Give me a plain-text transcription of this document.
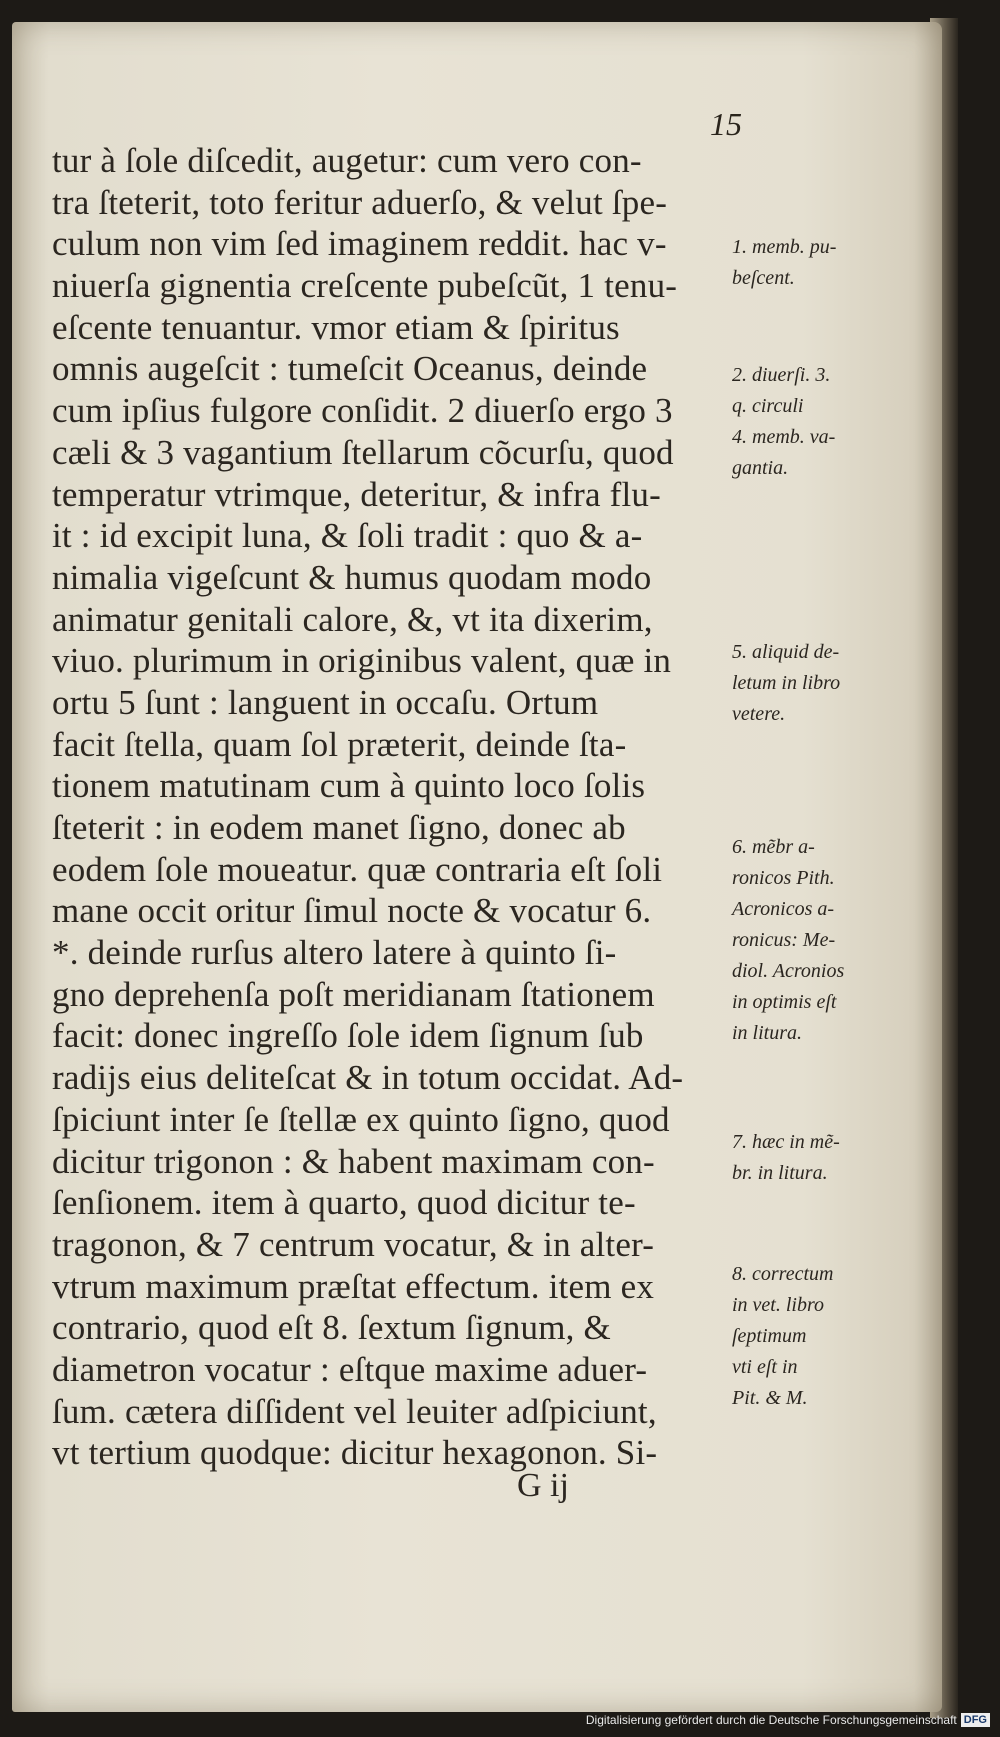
15
tur à ſole diſcedit, augetur: cum vero con-
tra ſteterit, toto feritur aduerſo, & velut ſpe-
culum non vim ſed imaginem reddit. hac v-
niuerſa gignentia creſcente pubeſcũt, 1 tenu-
eſcente tenuantur. vmor etiam & ſpiritus
omnis augeſcit : tumeſcit Oceanus, deinde
cum ipſius fulgore conſidit. 2 diuerſo ergo 3
cæli & 3 vagantium ſtellarum cõcurſu, quod
temperatur vtrimque, deteritur, & infra flu-
it : id excipit luna, & ſoli tradit : quo & a-
nimalia vigeſcunt & humus quodam modo
animatur genitali calore, &, vt ita dixerim,
viuo. plurimum in originibus valent, quæ in
ortu 5 ſunt : languent in occaſu. Ortum
facit ſtella, quam ſol præterit, deinde ſta-
tionem matutinam cum à quinto loco ſolis
ſteterit : in eodem manet ſigno, donec ab
eodem ſole moueatur. quæ contraria eſt ſoli
mane occit oritur ſimul nocte & vocatur 6.
*. deinde rurſus altero latere à quinto ſi-
gno deprehenſa poſt meridianam ſtationem
facit: donec ingreſſo ſole idem ſignum ſub
radijs eius deliteſcat & in totum occidat. Ad-
ſpiciunt inter ſe ſtellæ ex quinto ſigno, quod
dicitur trigonon : & habent maximam con-
ſenſionem. item à quarto, quod dicitur te-
tragonon, & 7 centrum vocatur, & in alter-
vtrum maximum præſtat effectum. item ex
contrario, quod eſt 8. ſextum ſignum, &
diametron vocatur : eſtque maxime aduer-
ſum. cætera diſſident vel leuiter adſpiciunt,
vt tertium quodque: dicitur hexagonon. Si-
1. memb. pu-
beſcent.
2. diuerſi. 3.
q. circuli
4. memb. va-
gantia.
5. aliquid de-
letum in libro
vetere.
6. mẽbr a-
ronicos Pith.
Acronicos a-
ronicus: Me-
diol. Acronios
in optimis eſt
in litura.
7. hæc in mẽ-
br. in litura.
8. correctum
in vet. libro
ſeptimum
vti eſt in
Pit. & M.
G ij
Digitalisierung gefördert durch die Deutsche Forschungsgemeinschaft DFG
